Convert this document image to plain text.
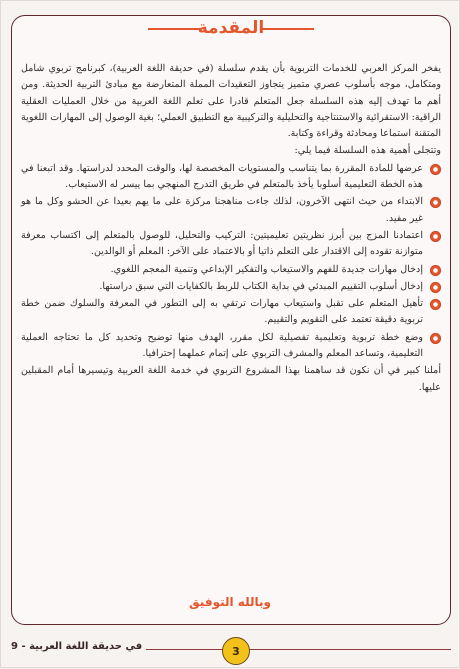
المقدمة

يفخر المركز العربي للخدمات التربوية بأن يقدم سلسلة (في حديقة اللغة العربية)، كبرنامج تربوي شامل ومتكامل، موجه بأسلوب عصري متميز يتجاوز التعقيدات المملة المتعارضة مع مبادئ التربية الحديثة. ومن أهم ما تهدف إليه هذه السلسلة جعل المتعلم قادرا على تعلم اللغة العربية من خلال العمليات العقلية الراقية: الاستقرائية والاستنتاجية والتحليلية والتركيبية مع التطبيق العملي؛ بغية الوصول إلى المهارات اللغوية المتقنة استماعا ومحادثة وقراءة وكتابة.

وتتجلى أهمية هذه السلسلة فيما يلي:

عرضها للمادة المقررة بما يتناسب والمستويات المخصصة لها، والوقت المحدد لدراستها. وقد اتبعنا في هذه الخطة التعليمية أسلوبا يأخذ بالمتعلم في طريق التدرج المنهجي بما ييسر له الاستيعاب.
الابتداء من حيث انتهى الآخرون، لذلك جاءت مناهجنا مركزة على ما يهم بعيدا عن الحشو وكل ما هو غير مفيد.
اعتمادنا المزج بين أبرز نظريتين تعليميتين: التركيب والتحليل، للوصول بالمتعلم إلى اكتساب معرفة متوازنة تقوده إلى الاقتدار على التعلم ذاتيا أو بالاعتماد على الآخر: المعلم أو الوالدين.
إدخال مهارات جديدة للفهم والاستيعاب والتفكير الإبداعي وتنمية المعجم اللغوي.
إدخال أسلوب التقييم المبدئي في بداية الكتاب للربط بالكفايات التي سبق دراستها.
تأهيل المتعلم على تقبل واستيعاب مهارات ترتقي به إلى التطور في المعرفة والسلوك ضمن خطة تربوية دقيقة تعتمد على التقويم والتقييم.
وضع خطة تربوية وتعليمية تفصيلية لكل مقرر، الهدف منها توضيح وتحديد كل ما تحتاجه العملية التعليمية، وتساعد المعلم والمشرف التربوي على إتمام عملهما إحترافيا.

أملنا كبير في أن نكون قد ساهمنا بهذا المشروع التربوي في خدمة اللغة العربية وتيسيرها أمام المقبلين عليها.

وبالله التوفيق
3
في حديقة اللغة العربية - 9
